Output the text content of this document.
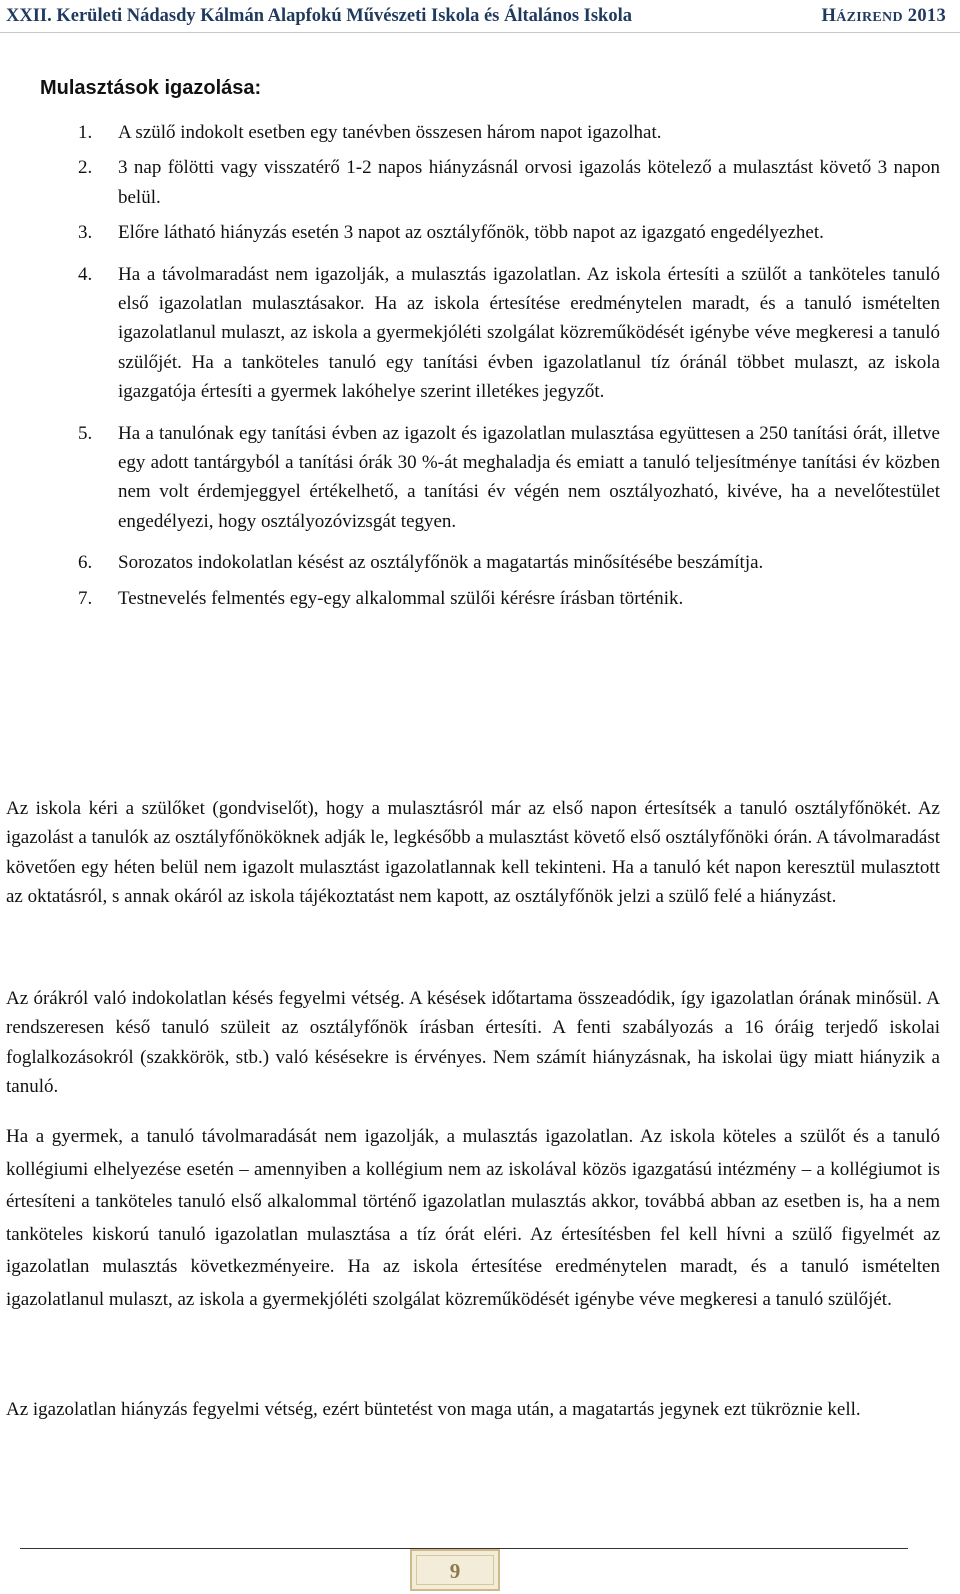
XXII. Kerületi Nádasdy Kálmán Alapfokú Művészeti Iskola és Általános Iskola	HÁZIREND 2013
Mulasztások igazolása:
1. A szülő indokolt esetben egy tanévben összesen három napot igazolhat.
2. 3 nap fölötti vagy visszatérő 1-2 napos hiányzásnál orvosi igazolás kötelező a mulasztást követő 3 napon belül.
3. Előre látható hiányzás esetén 3 napot az osztályfőnök, több napot az igazgató engedélyezhet.
4. Ha a távolmaradást nem igazolják, a mulasztás igazolatlan. Az iskola értesíti a szülőt a tanköteles tanuló első igazolatlan mulasztásakor. Ha az iskola értesítése eredménytelen maradt, és a tanuló ismételten igazolatlanul mulaszt, az iskola a gyermekjóléti szolgálat közreműködését igénybe véve megkeresi a tanuló szülőjét. Ha a tanköteles tanuló egy tanítási évben igazolatlanul tíz óránál többet mulaszt, az iskola igazgatója értesíti a gyermek lakóhelye szerint illetékes jegyzőt.
5. Ha a tanulónak egy tanítási évben az igazolt és igazolatlan mulasztása együttesen a 250 tanítási órát, illetve egy adott tantárgyból a tanítási órák 30 %-át meghaladja és emiatt a tanuló teljesítménye tanítási év közben nem volt érdemjeggyel értékelhető, a tanítási év végén nem osztályozható, kivéve, ha a nevelőtestület engedélyezi, hogy osztályozóvizsgát tegyen.
6. Sorozatos indokolatlan késést az osztályfőnök a magatartás minősítésébe beszámítja.
7. Testnevelés felmentés egy-egy alkalommal szülői kérésre írásban történik.

Az iskola kéri a szülőket (gondviselőt), hogy a mulasztásról már az első napon értesítsék a tanuló osztályfőnökét. Az igazolást a tanulók az osztályfőnököknek adják le, legkésőbb a mulasztást követő első osztályfőnöki órán. A távolmaradást követően egy héten belül nem igazolt mulasztást igazolatlannak kell tekinteni. Ha a tanuló két napon keresztül mulasztott az oktatásról, s annak okáról az iskola tájékoztatást nem kapott, az osztályfőnök jelzi a szülő felé a hiányzást.

Az órákról való indokolatlan késés fegyelmi vétség. A késések időtartama összeadódik, így igazolatlan órának minősül. A rendszeresen késő tanuló szüleit az osztályfőnök írásban értesíti. A fenti szabályozás a 16 óráig terjedő iskolai foglalkozásokról (szakkörök, stb.) való késésekre is érvényes. Nem számít hiányzásnak, ha iskolai ügy miatt hiányzik a tanuló.

Ha a gyermek, a tanuló távolmaradását nem igazolják, a mulasztás igazolatlan. Az iskola köteles a szülőt és a tanuló kollégiumi elhelyezése esetén – amennyiben a kollégium nem az iskolával közös igazgatású intézmény – a kollégiumot is értesíteni a tanköteles tanuló első alkalommal történő igazolatlan mulasztás akkor, továbbá abban az esetben is, ha a nem tanköteles kiskorú tanuló igazolatlan mulasztása a tíz órát eléri. Az értesítésben fel kell hívni a szülő figyelmét az igazolatlan mulasztás következményeire. Ha az iskola értesítése eredménytelen maradt, és a tanuló ismételten igazolatlanul mulaszt, az iskola a gyermekjóléti szolgálat közreműködését igénybe véve megkeresi a tanuló szülőjét.

Az igazolatlan hiányzás fegyelmi vétség, ezért büntetést von maga után, a magatartás jegynek ezt tükröznie kell.

9
